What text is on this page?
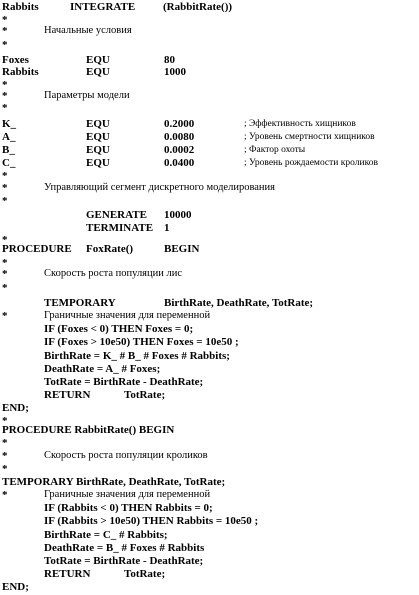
Rabbits	INTEGRATE	(RabbitRate())
*
*	Начальные условия
*
Foxes	EQU	80
Rabbits	EQU	1000
*
*	Параметры модели
*
K_	EQU	0.2000	; Эффективность хищников
A_	EQU	0.0080	; Уровень смертности хищников
B_	EQU	0.0002	; Фактор охоты
C_	EQU	0.0400	; Уровень рождаемости кроликов
*
*	Управляющий сегмент дискретного моделирования
*
GENERATE 10000
TERMINATE 1
*
PROCEDURE FoxRate()	BEGIN
*
*	Скорость роста популяции лис
*
TEMPORARY	BirthRate, DeathRate, TotRate;
*	Граничные значения для переменной
IF (Foxes < 0) THEN Foxes = 0;
IF (Foxes > 10e50) THEN Foxes = 10e50 ;
BirthRate = K_ # B_ # Foxes # Rabbits;
DeathRate = A_ # Foxes;
TotRate = BirthRate - DeathRate;
RETURN	TotRate;
END;
*
PROCEDURE RabbitRate() BEGIN
*
*	Скорость роста популяции кроликов
*
TEMPORARY BirthRate, DeathRate, TotRate;
*	Граничные значения для переменной
IF (Rabbits < 0) THEN Rabbits = 0;
IF (Rabbits > 10e50) THEN Rabbits = 10e50 ;
BirthRate = C_ # Rabbits;
DeathRate = B_ # Foxes # Rabbits
TotRate = BirthRate - DeathRate;
RETURN	TotRate;
END;
